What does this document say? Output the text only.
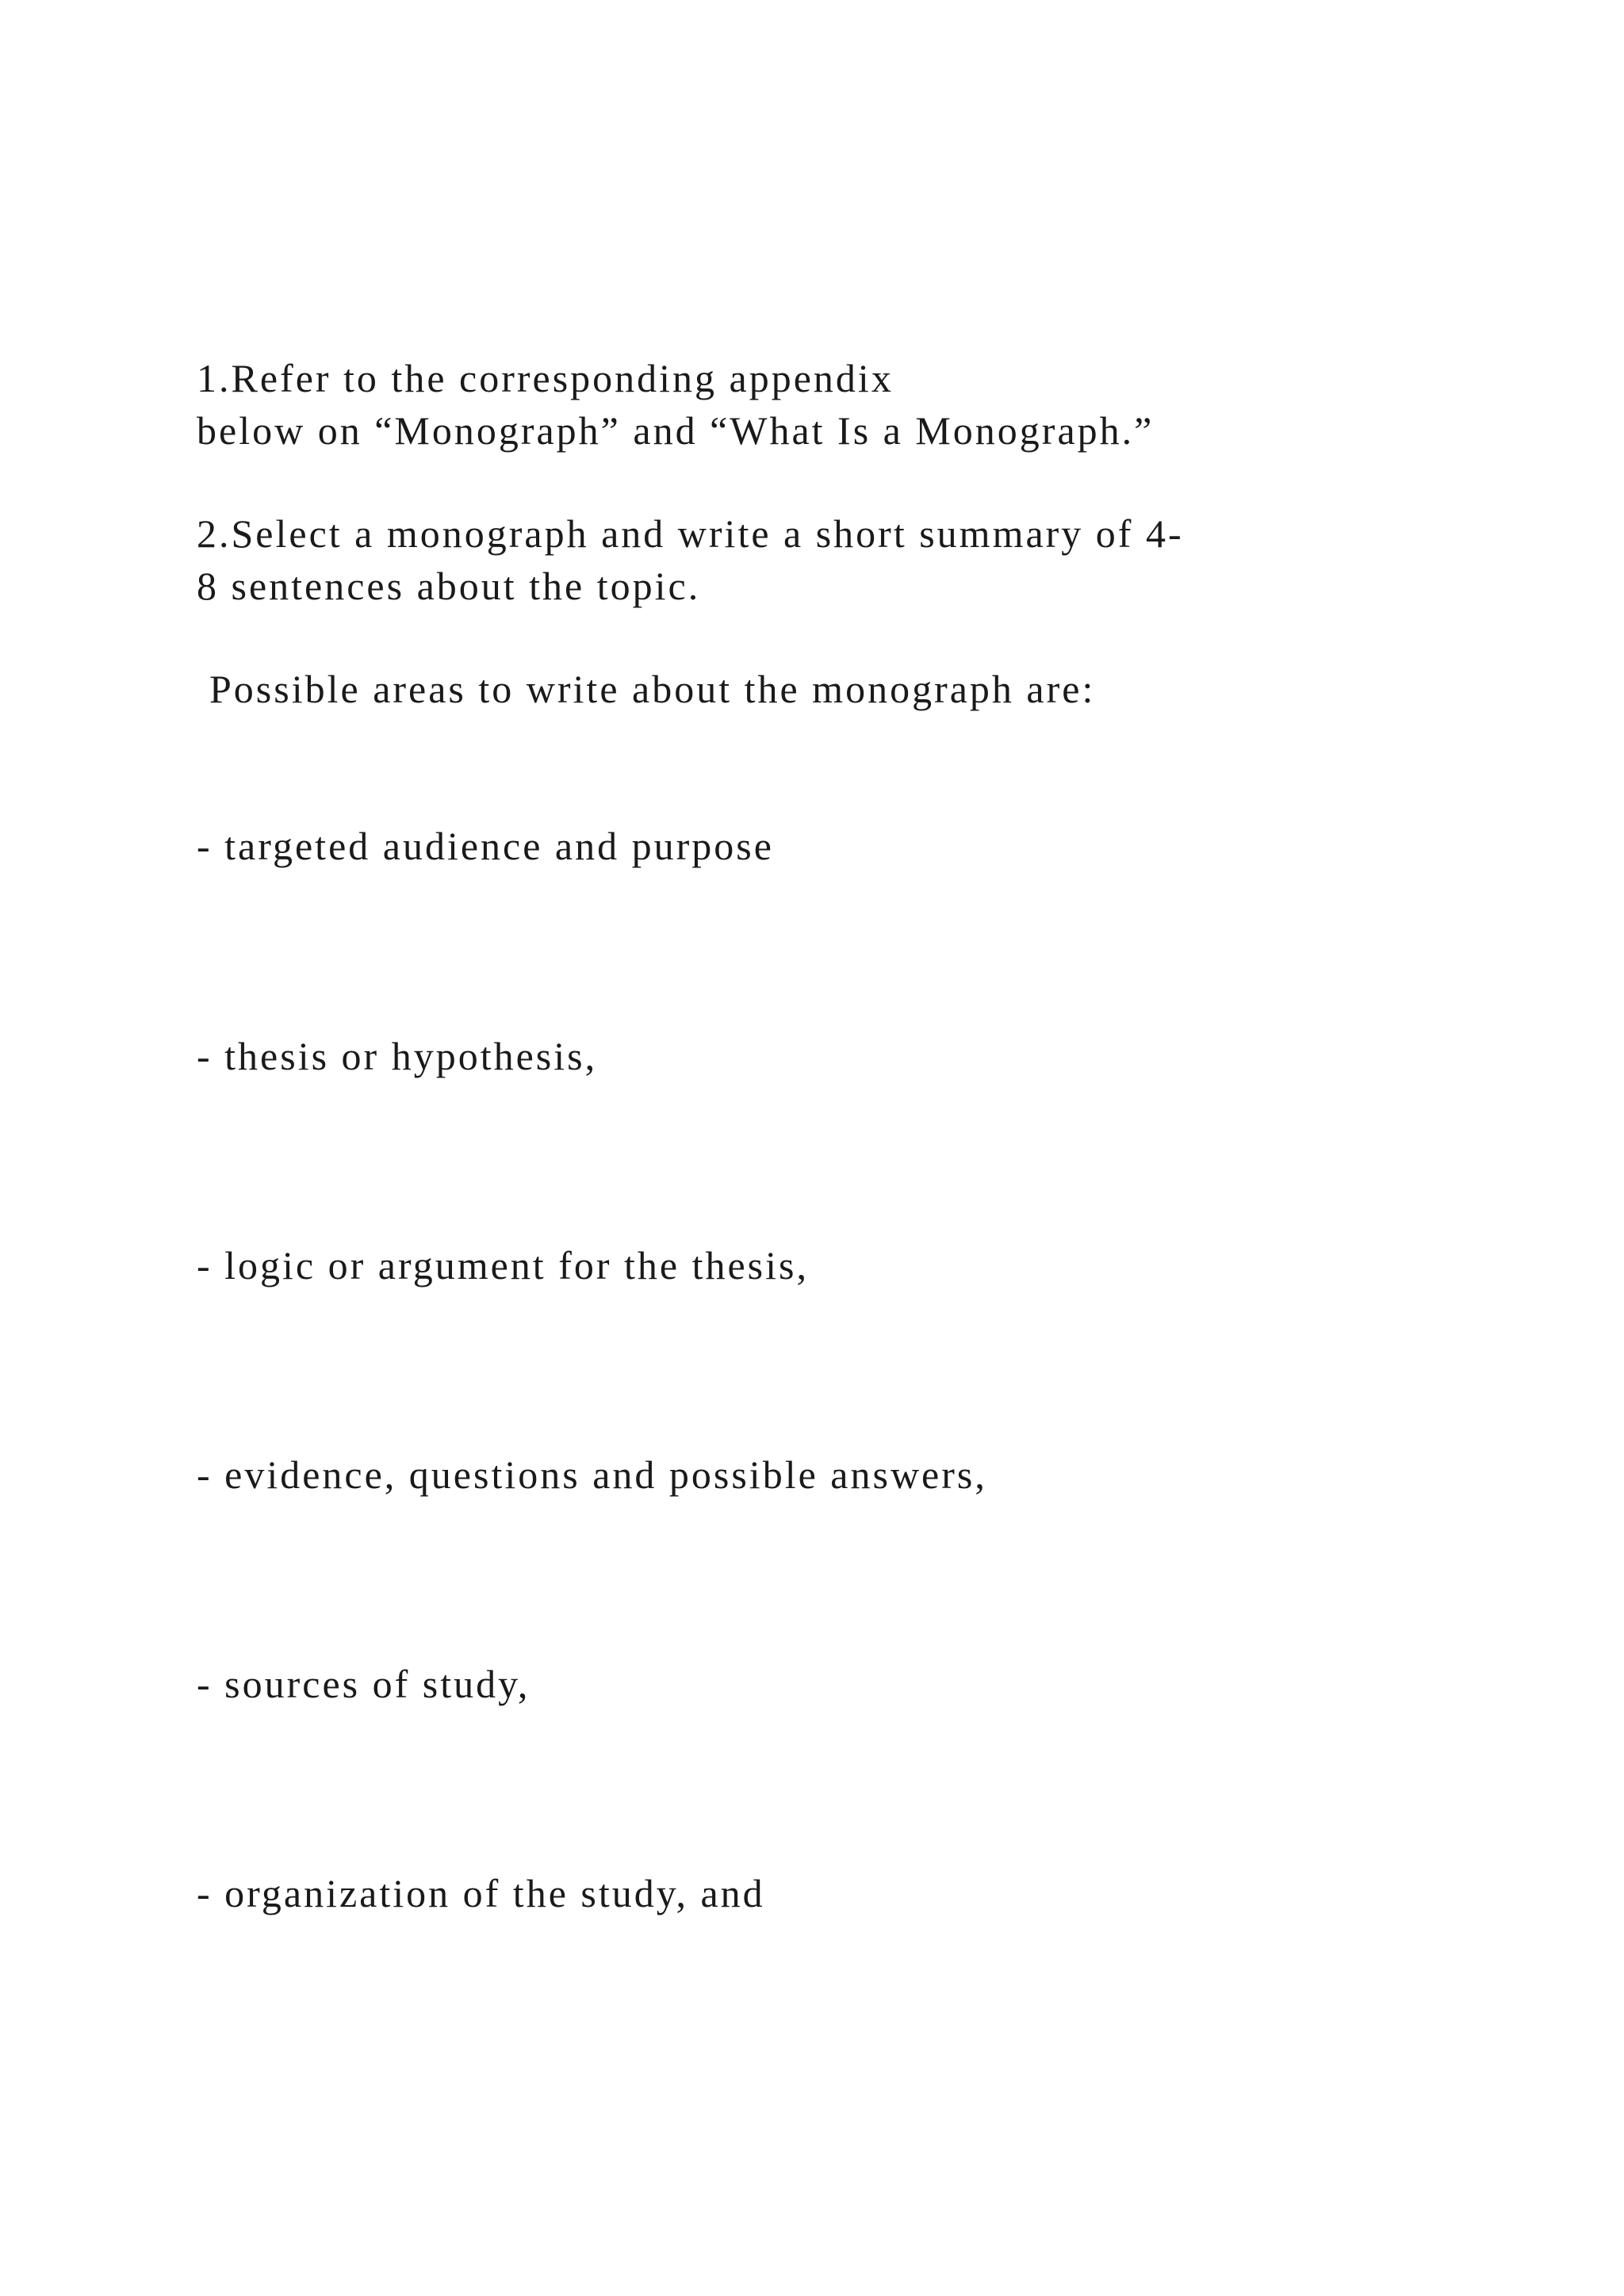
1.Refer to the corresponding appendix
below on “Monograph” and “What Is a Monograph.”
2.Select a monograph and write a short summary of 4-
8 sentences about the topic.
Possible areas to write about the monograph are:
- targeted audience and purpose
- thesis or hypothesis,
- logic or argument for the thesis,
- evidence, questions and possible answers,
- sources of study,
- organization of the study, and
